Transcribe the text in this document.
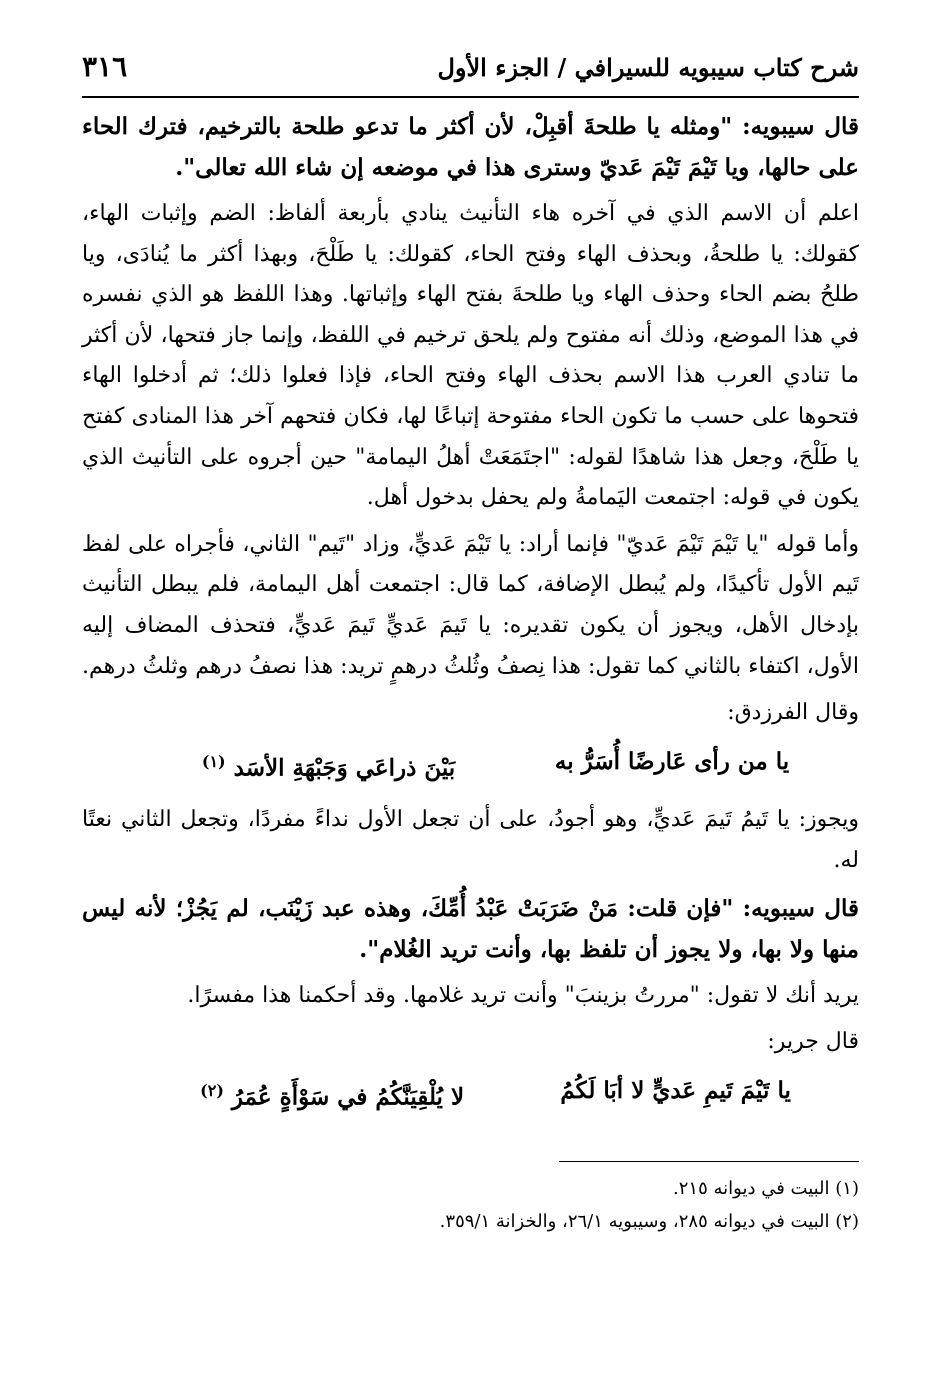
شرح كتاب سيبويه للسيرافي / الجزء الأول
٣١٦

قال سيبويه: "ومثله يا طلحةَ أقبِلْ، لأن أكثر ما تدعو طلحة بالترخيم، فترك الحاء على حالها، ويا تَيْمَ تَيْمَ عَديّ وسترى هذا في موضعه إن شاء الله تعالى".

اعلم أن الاسم الذي في آخره هاء التأنيث ينادي بأربعة ألفاظ: الضم وإثبات الهاء، كقولك: يا طلحةُ، وبحذف الهاء وفتح الحاء، كقولك: يا طَلْحَ، وبهذا أكثر ما يُنادَى، ويا طلحُ بضم الحاء وحذف الهاء ويا طلحةَ بفتح الهاء وإثباتها. وهذا اللفظ هو الذي نفسره في هذا الموضع، وذلك أنه مفتوح ولم يلحق ترخيم في اللفظ، وإنما جاز فتحها، لأن أكثر ما تنادي العرب هذا الاسم بحذف الهاء وفتح الحاء، فإذا فعلوا ذلك؛ ثم أدخلوا الهاء فتحوها على حسب ما تكون الحاء مفتوحة إتباعًا لها، فكان فتحهم آخر هذا المنادى كفتح يا طَلْحَ، وجعل هذا شاهدًا لقوله: "اجتَمَعَتْ أهلُ اليمامة" حين أجروه على التأنيث الذي يكون في قوله: اجتمعت اليَمامةُ ولم يحفل بدخول أهل.

وأما قوله "يا تَيْمَ تَيْمَ عَديّ" فإنما أراد: يا تَيْمَ عَديٍّ، وزاد "تَيم" الثاني، فأجراه على لفظ تَيم الأول تأكيدًا، ولم يُبطل الإضافة، كما قال: اجتمعت أهل اليمامة، فلم يبطل التأنيث بإدخال الأهل، ويجوز أن يكون تقديره: يا تَيمَ عَديٍّ تَيمَ عَديٍّ، فتحذف المضاف إليه الأول، اكتفاء بالثاني كما تقول: هذا نِصفُ وثُلثُ درهمٍ تريد: هذا نصفُ درهم وثلثُ درهم.

وقال الفرزدق:

يا من رأى عَارضًا أُسَرُّ به
بَيْنَ ذراعَي وَجَبْهَةِ الأسَد $^{(١)}$

ويجوز: يا تَيمُ تَيمَ عَديٍّ، وهو أجودُ، على أن تجعل الأول نداءً مفردًا، وتجعل الثاني نعتًا له.

قال سيبويه: "فإن قلت: مَنْ ضَرَبَتْ عَبْدُ أُمِّكَ، وهذه عبد زَيْنَب، لم يَجُزْ؛ لأنه ليس منها ولا بها، ولا يجوز أن تلفظ بها، وأنت تريد الغُلام".

يريد أنك لا تقول: "مررتُ بزينبَ" وأنت تريد غلامها. وقد أحكمنا هذا مفسرًا.

قال جرير:

يا تَيْمَ تَيمِ عَديٍّ لا أبَا لَكُمُ
لا يُلْقِيَنَّكُمُ في سَوْأَةٍ عُمَرُ $^{(٢)}$

(١) البيت في ديوانه ٢١٥.

(٢) البيت في ديوانه ٢٨٥، وسيبويه ٢٦/١، والخزانة ٣٥٩/١.
